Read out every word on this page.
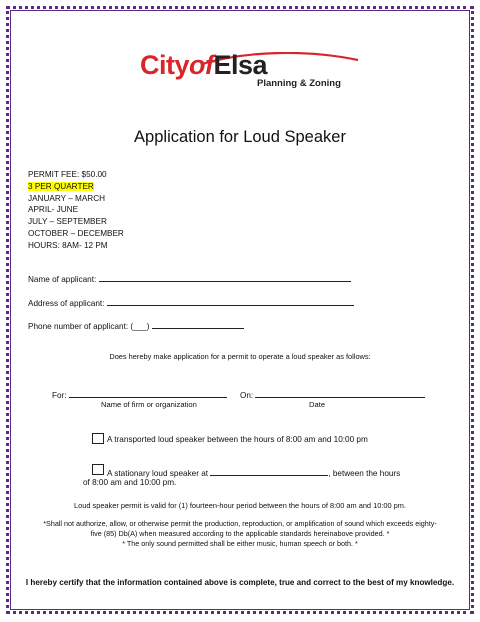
CityofElsa
Planning & Zoning
Application for Loud Speaker
PERMIT FEE: $50.00
3 PER QUARTER
JANUARY – MARCH
APRIL- JUNE
JULY – SEPTEMBER
OCTOBER – DECEMBER
HOURS: 8AM- 12 PM
Name of applicant:
Address of applicant:
Phone number of applicant: (___)
Does hereby make application for a permit to operate a loud speaker as follows:
For:	On:
Name of firm or organization	Date
A transported loud speaker between the hours of 8:00 am and 10:00 pm
A stationary loud speaker at	, between the hours
of 8:00 am and 10:00 pm.
Loud speaker permit is valid for (1) fourteen-hour period between the hours of 8:00 am and 10:00 pm.
*Shall not authorize, allow, or otherwise permit the production, reproduction, or amplification of sound which exceeds eighty-
five (85) Db(A) when measured according to the applicable standards hereinabove provided. *
* The only sound permitted shall be either music, human speech or both. *
I hereby certify that the information contained above is complete, true and correct to the best of my knowledge.
